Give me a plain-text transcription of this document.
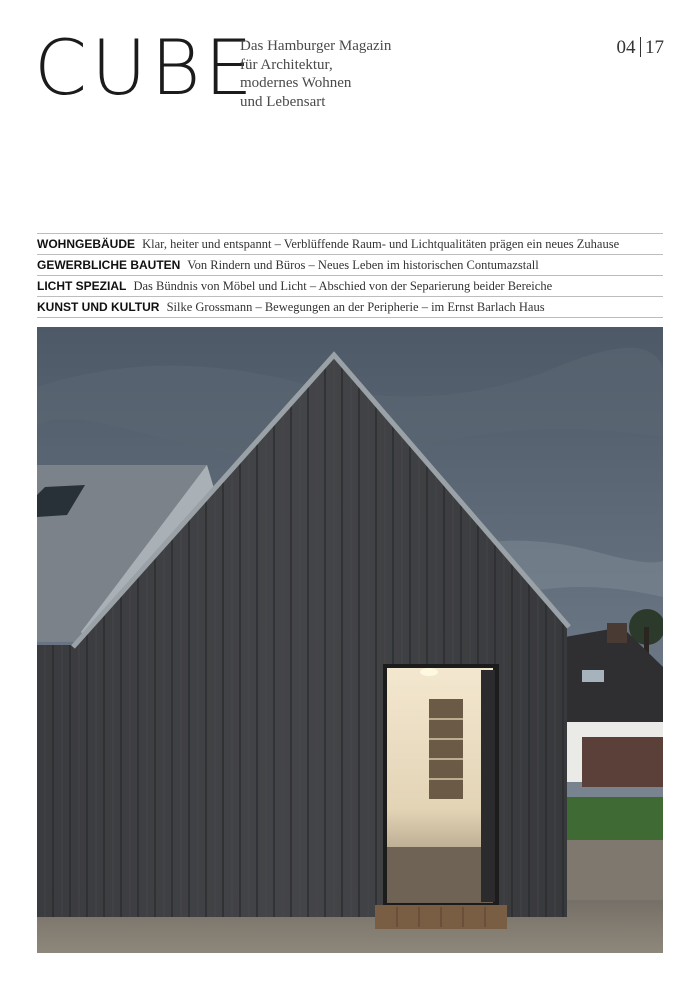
CUBE
Das Hamburger Magazin
für Architektur,
modernes Wohnen
und Lebensart
04 17
WOHNGEBÄUDE Klar, heiter und entspannt – Verblüffende Raum- und Lichtqualitäten prägen ein neues Zuhause
GEWERBLICHE BAUTEN Von Rindern und Büros – Neues Leben im historischen Contumazstall
LICHT SPEZIAL Das Bündnis von Möbel und Licht – Abschied von der Separierung beider Bereiche
KUNST UND KULTUR Silke Grossmann – Bewegungen an der Peripherie – im Ernst Barlach Haus
